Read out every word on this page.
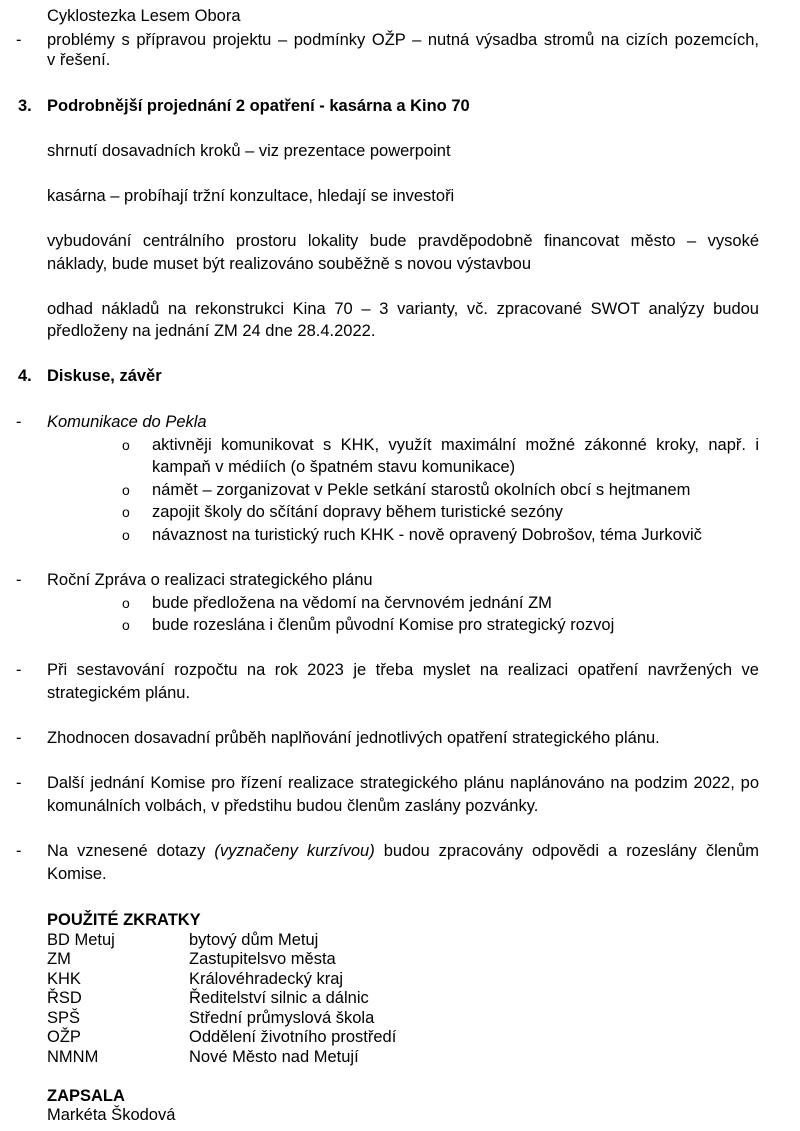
Cyklostezka Lesem Obora
- problémy s přípravou projektu – podmínky OŽP – nutná výsadba stromů na cizích pozemcích,
v řešení.
3. Podrobnější projednání 2 opatření - kasárna a Kino 70
shrnutí dosavadních kroků – viz prezentace powerpoint
kasárna – probíhají tržní konzultace, hledají se investoři
vybudování centrálního prostoru lokality bude pravděpodobně financovat město – vysoké
náklady, bude muset být realizováno souběžně s novou výstavbou
odhad nákladů na rekonstrukci Kina 70 – 3 varianty, vč. zpracované SWOT analýzy budou
předloženy na jednání ZM 24 dne 28.4.2022.
4. Diskuse, závěr
- Komunikace do Pekla
o aktivněji komunikovat s KHK, využít maximální možné zákonné kroky, např. i
kampaň v médiích (o špatném stavu komunikace)
o námět – zorganizovat v Pekle setkání starostů okolních obcí s hejtmanem
o zapojit školy do sčítání dopravy během turistické sezóny
o návaznost na turistický ruch KHK - nově opravený Dobrošov, téma Jurkovič
- Roční Zpráva o realizaci strategického plánu
o bude předložena na vědomí na červnovém jednání ZM
o bude rozeslána i členům původní Komise pro strategický rozvoj
- Při sestavování rozpočtu na rok 2023 je třeba myslet na realizaci opatření navržených ve
strategickém plánu.
- Zhodnocen dosavadní průběh naplňování jednotlivých opatření strategického plánu.
- Další jednání Komise pro řízení realizace strategického plánu naplánováno na podzim 2022, po
komunálních volbách, v předstihu budou členům zaslány pozvánky.
- Na vznesené dotazy (vyznačeny kurzívou) budou zpracovány odpovědi a rozeslány členům
Komise.
POUŽITÉ ZKRATKY
BD Metuj	bytový dům Metuj
ZM	Zastupitelsvo města
KHK	Královéhradecký kraj
ŘSD	Ředitelství silnic a dálnic
SPŠ	Střední průmyslová škola
OŽP	Oddělení životního prostředí
NMNM	Nové Město nad Metují
ZAPSALA
Markéta Škodová
